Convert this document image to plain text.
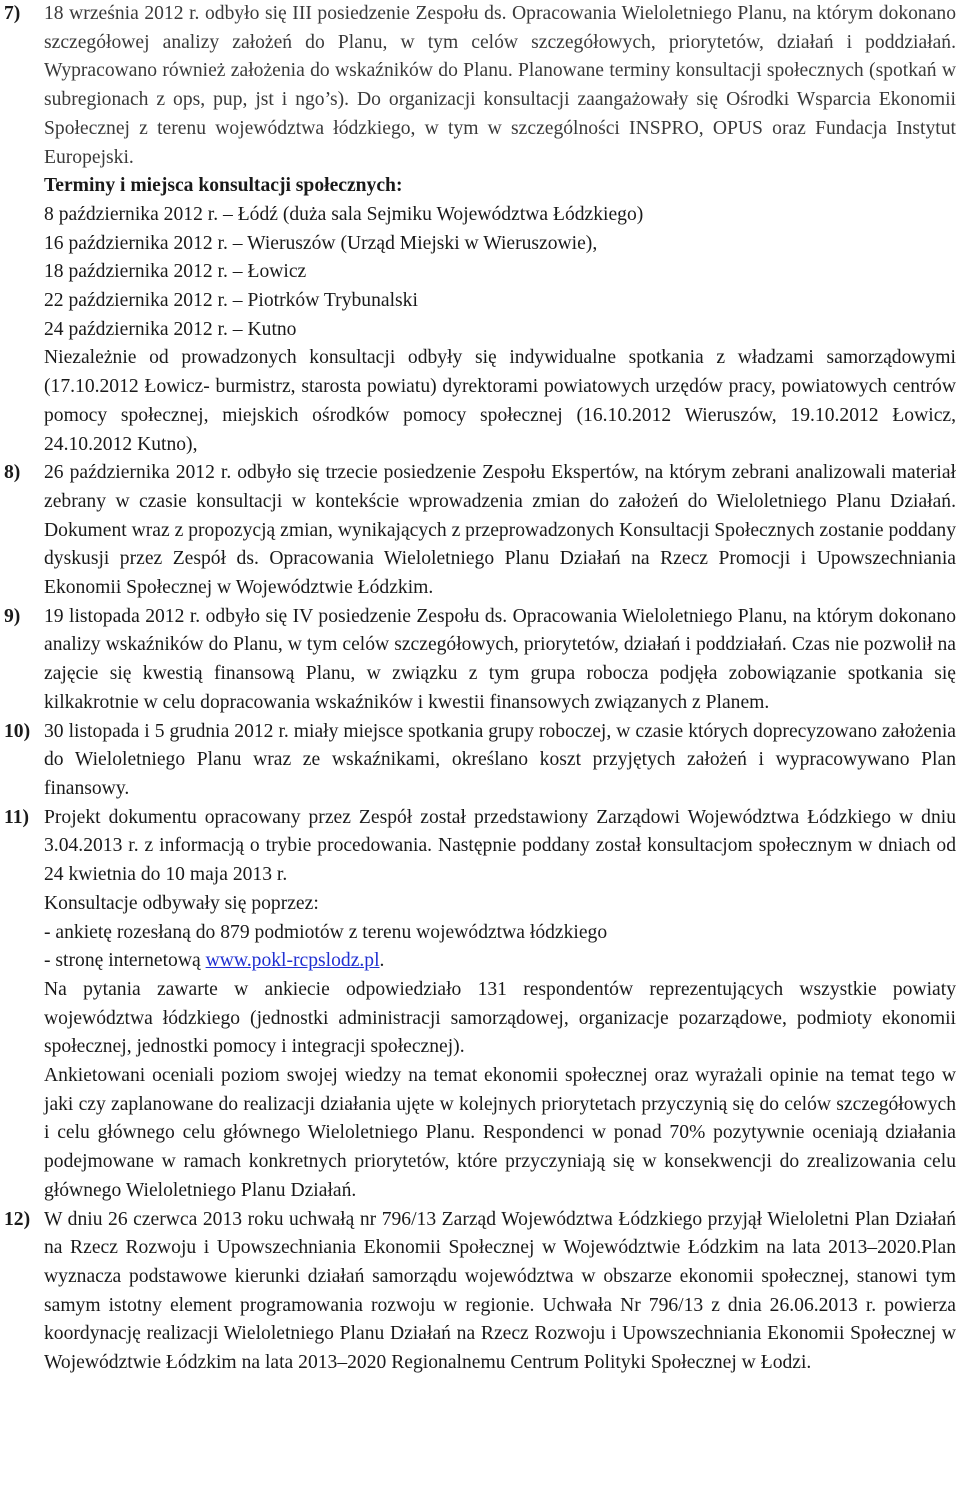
7) 18 września 2012 r. odbyło się III posiedzenie Zespołu ds. Opracowania Wieloletniego Planu, na którym dokonano szczegółowej analizy założeń do Planu, w tym celów szczegółowych, priorytetów, działań i poddziałań. Wypracowano również założenia do wskaźników do Planu. Planowane terminy konsultacji społecznych (spotkań w subregionach z ops, pup, jst i ngo’s). Do organizacji konsultacji zaangażowały się Ośrodki Wsparcia Ekonomii Społecznej z terenu województwa łódzkiego, w tym w szczególności INSPRO, OPUS oraz Fundacja Instytut Europejski.

Terminy i miejsca konsultacji społecznych:
8 października 2012 r. – Łódź (duża sala Sejmiku Województwa Łódzkiego)
16 października 2012 r. – Wieruszów (Urząd Miejski w Wieruszowie),
18 października 2012 r. – Łowicz
22 października 2012 r. – Piotrków Trybunalski
24 października 2012 r. – Kutno

Niezależnie od prowadzonych konsultacji odbyły się indywidualne spotkania z władzami samorządowymi (17.10.2012 Łowicz- burmistrz, starosta powiatu) dyrektorami powiatowych urzędów pracy, powiatowych centrów pomocy społecznej, miejskich ośrodków pomocy społecznej (16.10.2012 Wieruszów, 19.10.2012 Łowicz, 24.10.2012 Kutno),

8) 26 października 2012 r. odbyło się trzecie posiedzenie Zespołu Ekspertów, na którym zebrani analizowali materiał zebrany w czasie konsultacji w kontekście wprowadzenia zmian do założeń do Wieloletniego Planu Działań. Dokument wraz z propozycją zmian, wynikających z przeprowadzonych Konsultacji Społecznych zostanie poddany dyskusji przez Zespół ds. Opracowania Wieloletniego Planu Działań na Rzecz Promocji i Upowszechniania Ekonomii Społecznej w Województwie Łódzkim.

9) 19 listopada 2012 r. odbyło się IV posiedzenie Zespołu ds. Opracowania Wieloletniego Planu, na którym dokonano analizy wskaźników do Planu, w tym celów szczegółowych, priorytetów, działań i poddziałań. Czas nie pozwolił na zajęcie się kwestią finansową Planu, w związku z tym grupa robocza podjęła zobowiązanie spotkania się kilkakrotnie w celu dopracowania wskaźników i kwestii finansowych związanych z Planem.

10) 30 listopada i 5 grudnia 2012 r. miały miejsce spotkania grupy roboczej, w czasie których doprecyzowano założenia do Wieloletniego Planu wraz ze wskaźnikami, określano koszt przyjętych założeń i wypracowywano Plan finansowy.

11) Projekt dokumentu opracowany przez Zespół został przedstawiony Zarządowi Województwa Łódzkiego w dniu 3.04.2013 r. z informacją o trybie procedowania. Następnie poddany został konsultacjom społecznym w dniach od 24 kwietnia do 10 maja 2013 r.

Konsultacje odbywały się poprzez:
- ankietę rozesłaną do 879 podmiotów z terenu województwa łódzkiego
- stronę internetową www.pokl-rcpslodz.pl.

Na pytania zawarte w ankiecie odpowiedziało 131 respondentów reprezentujących wszystkie powiaty województwa łódzkiego (jednostki administracji samorządowej, organizacje pozarządowe, podmioty ekonomii społecznej, jednostki pomocy i integracji społecznej).

Ankietowani oceniali poziom swojej wiedzy na temat ekonomii społecznej oraz wyrażali opinie na temat tego w jaki czy zaplanowane do realizacji działania ujęte w kolejnych priorytetach przyczynią się do celów szczegółowych i celu głównego celu głównego Wieloletniego Planu. Respondenci w ponad 70% pozytywnie oceniają działania podejmowane w ramach konkretnych priorytetów, które przyczyniają się w konsekwencji do zrealizowania celu głównego Wieloletniego Planu Działań.

12) W dniu 26 czerwca 2013 roku uchwałą nr 796/13 Zarząd Województwa Łódzkiego przyjął Wieloletni Plan Działań na Rzecz Rozwoju i Upowszechniania Ekonomii Społecznej w Województwie Łódzkim na lata 2013–2020.Plan wyznacza podstawowe kierunki działań samorządu województwa w obszarze ekonomii społecznej, stanowi tym samym istotny element programowania rozwoju w regionie. Uchwała Nr 796/13 z dnia 26.06.2013 r. powierza koordynację realizacji Wieloletniego Planu Działań na Rzecz Rozwoju i Upowszechniania Ekonomii Społecznej w Województwie Łódzkim na lata 2013–2020 Regionalnemu Centrum Polityki Społecznej w Łodzi.
